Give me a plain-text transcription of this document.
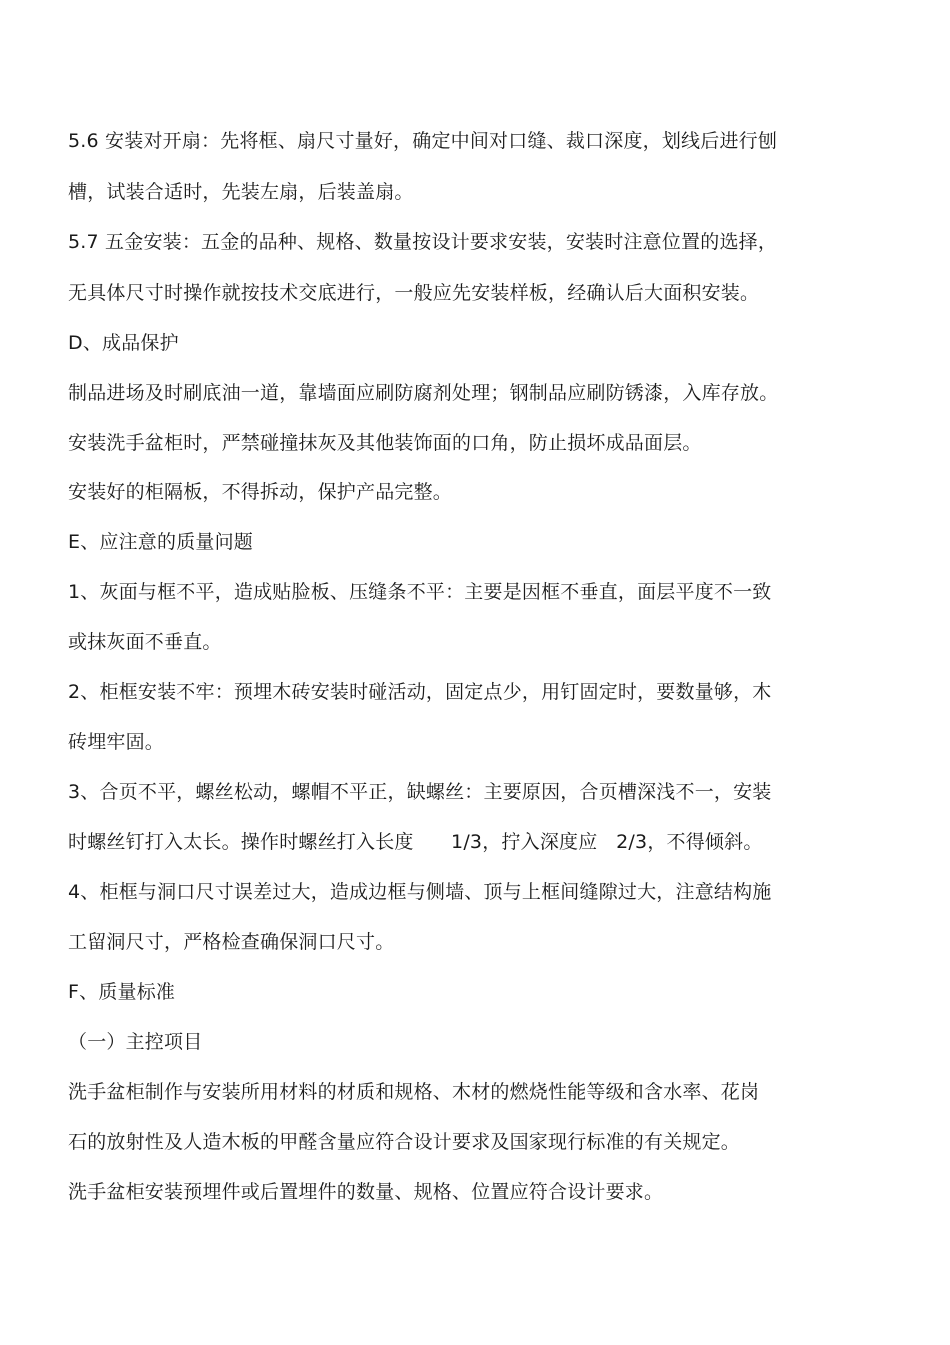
5.6 安装对开扇：先将框、扇尺寸量好，确定中间对口缝、裁口深度，划线后进行刨
槽，试装合适时，先装左扇，后装盖扇。
5.7 五金安装：五金的品种、规格、数量按设计要求安装，安装时注意位置的选择，
无具体尺寸时操作就按技术交底进行，一般应先安装样板，经确认后大面积安装。
D、成品保护
制品进场及时刷底油一道，靠墙面应刷防腐剂处理；钢制品应刷防锈漆，入库存放。
安装洗手盆柜时，严禁碰撞抹灰及其他装饰面的口角，防止损坏成品面层。
安装好的柜隔板，不得拆动，保护产品完整。
E、应注意的质量问题
1、灰面与框不平，造成贴脸板、压缝条不平：主要是因框不垂直，面层平度不一致
或抹灰面不垂直。
2、柜框安装不牢：预埋木砖安装时碰活动，固定点少，用钉固定时，要数量够，木
砖埋牢固。
3、合页不平，螺丝松动，螺帽不平正，缺螺丝：主要原因，合页槽深浅不一，安装
时螺丝钉打入太长。操作时螺丝打入长度      1/3，拧入深度应   2/3，不得倾斜。
4、柜框与洞口尺寸误差过大，造成边框与侧墙、顶与上框间缝隙过大，注意结构施
工留洞尺寸，严格检查确保洞口尺寸。
F、质量标准
（一）主控项目
洗手盆柜制作与安装所用材料的材质和规格、木材的燃烧性能等级和含水率、花岗
石的放射性及人造木板的甲醛含量应符合设计要求及国家现行标准的有关规定。
洗手盆柜安装预埋件或后置埋件的数量、规格、位置应符合设计要求。
